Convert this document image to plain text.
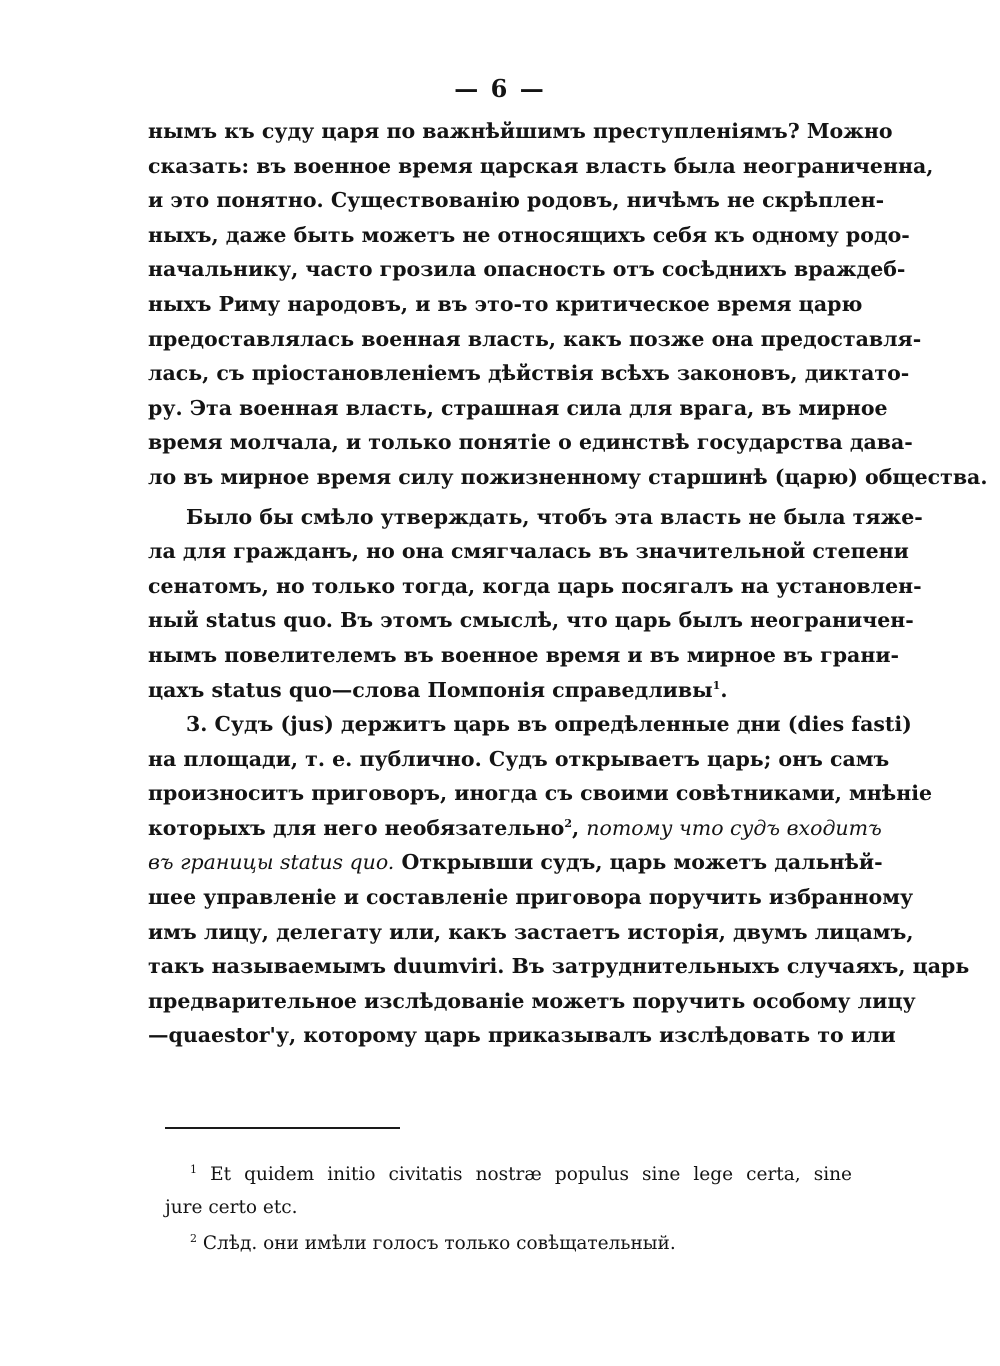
— 6 —
нымъ къ суду царя по важнѣйшимъ преступленіямъ? Можно
сказать: въ военное время царская власть была неограниченна,
и это понятно. Существованію родовъ, ничѣмъ не скрѣплен-
ныхъ, даже быть можетъ не относящихъ себя къ одному родо-
начальнику, часто грозила опасность отъ сосѣднихъ враждеб-
ныхъ Риму народовъ, и въ это-то критическое время царю
предоставлялась военная власть, какъ позже она предоставля-
лась, съ пріостановленіемъ дѣйствія всѣхъ законовъ, диктато-
ру. Эта военная власть, страшная сила для врага, въ мирное
время молчала, и только понятіе о единствѣ государства дава-
ло въ мирное время силу пожизненному старшинѣ (царю) общества.
Было бы смѣло утверждать, чтобъ эта власть не была тяже-
ла для гражданъ, но она смягчалась въ значительной степени
сенатомъ, но только тогда, когда царь посягалъ на установлен-
ный status quo. Въ этомъ смыслѣ, что царь былъ неограничен-
нымъ повелителемъ въ военное время и въ мирное въ грани-
цахъ status quo—слова Помпонія справедливы$^1$.
3. Судъ (jus) держитъ царь въ опредѣленные дни (dies fasti)
на площади, т. е. публично. Судъ открываетъ царь; онъ самъ
произноситъ приговоръ, иногда съ своими совѣтниками, мнѣніе
которыхъ для него необязательно$^2$, потому что судъ входитъ
въ границы status quo. Открывши судъ, царь можетъ дальнѣй-
шее управленіе и составленіе приговора поручить избранному
имъ лицу, делегату или, какъ застаетъ исторія, двумъ лицамъ,
такъ называемымъ duumviri. Въ затруднительныхъ случаяхъ, царь
предварительное изслѣдованіе можетъ поручить особому лицу
—quaestor'у, которому царь приказывалъ изслѣдовать то или
$^1$ Et quidem initio civitatis nostræ populus sine lege certa, sine
jure certo etc.
$^2$ Слѣд. они имѣли голосъ только совѣщательный.
